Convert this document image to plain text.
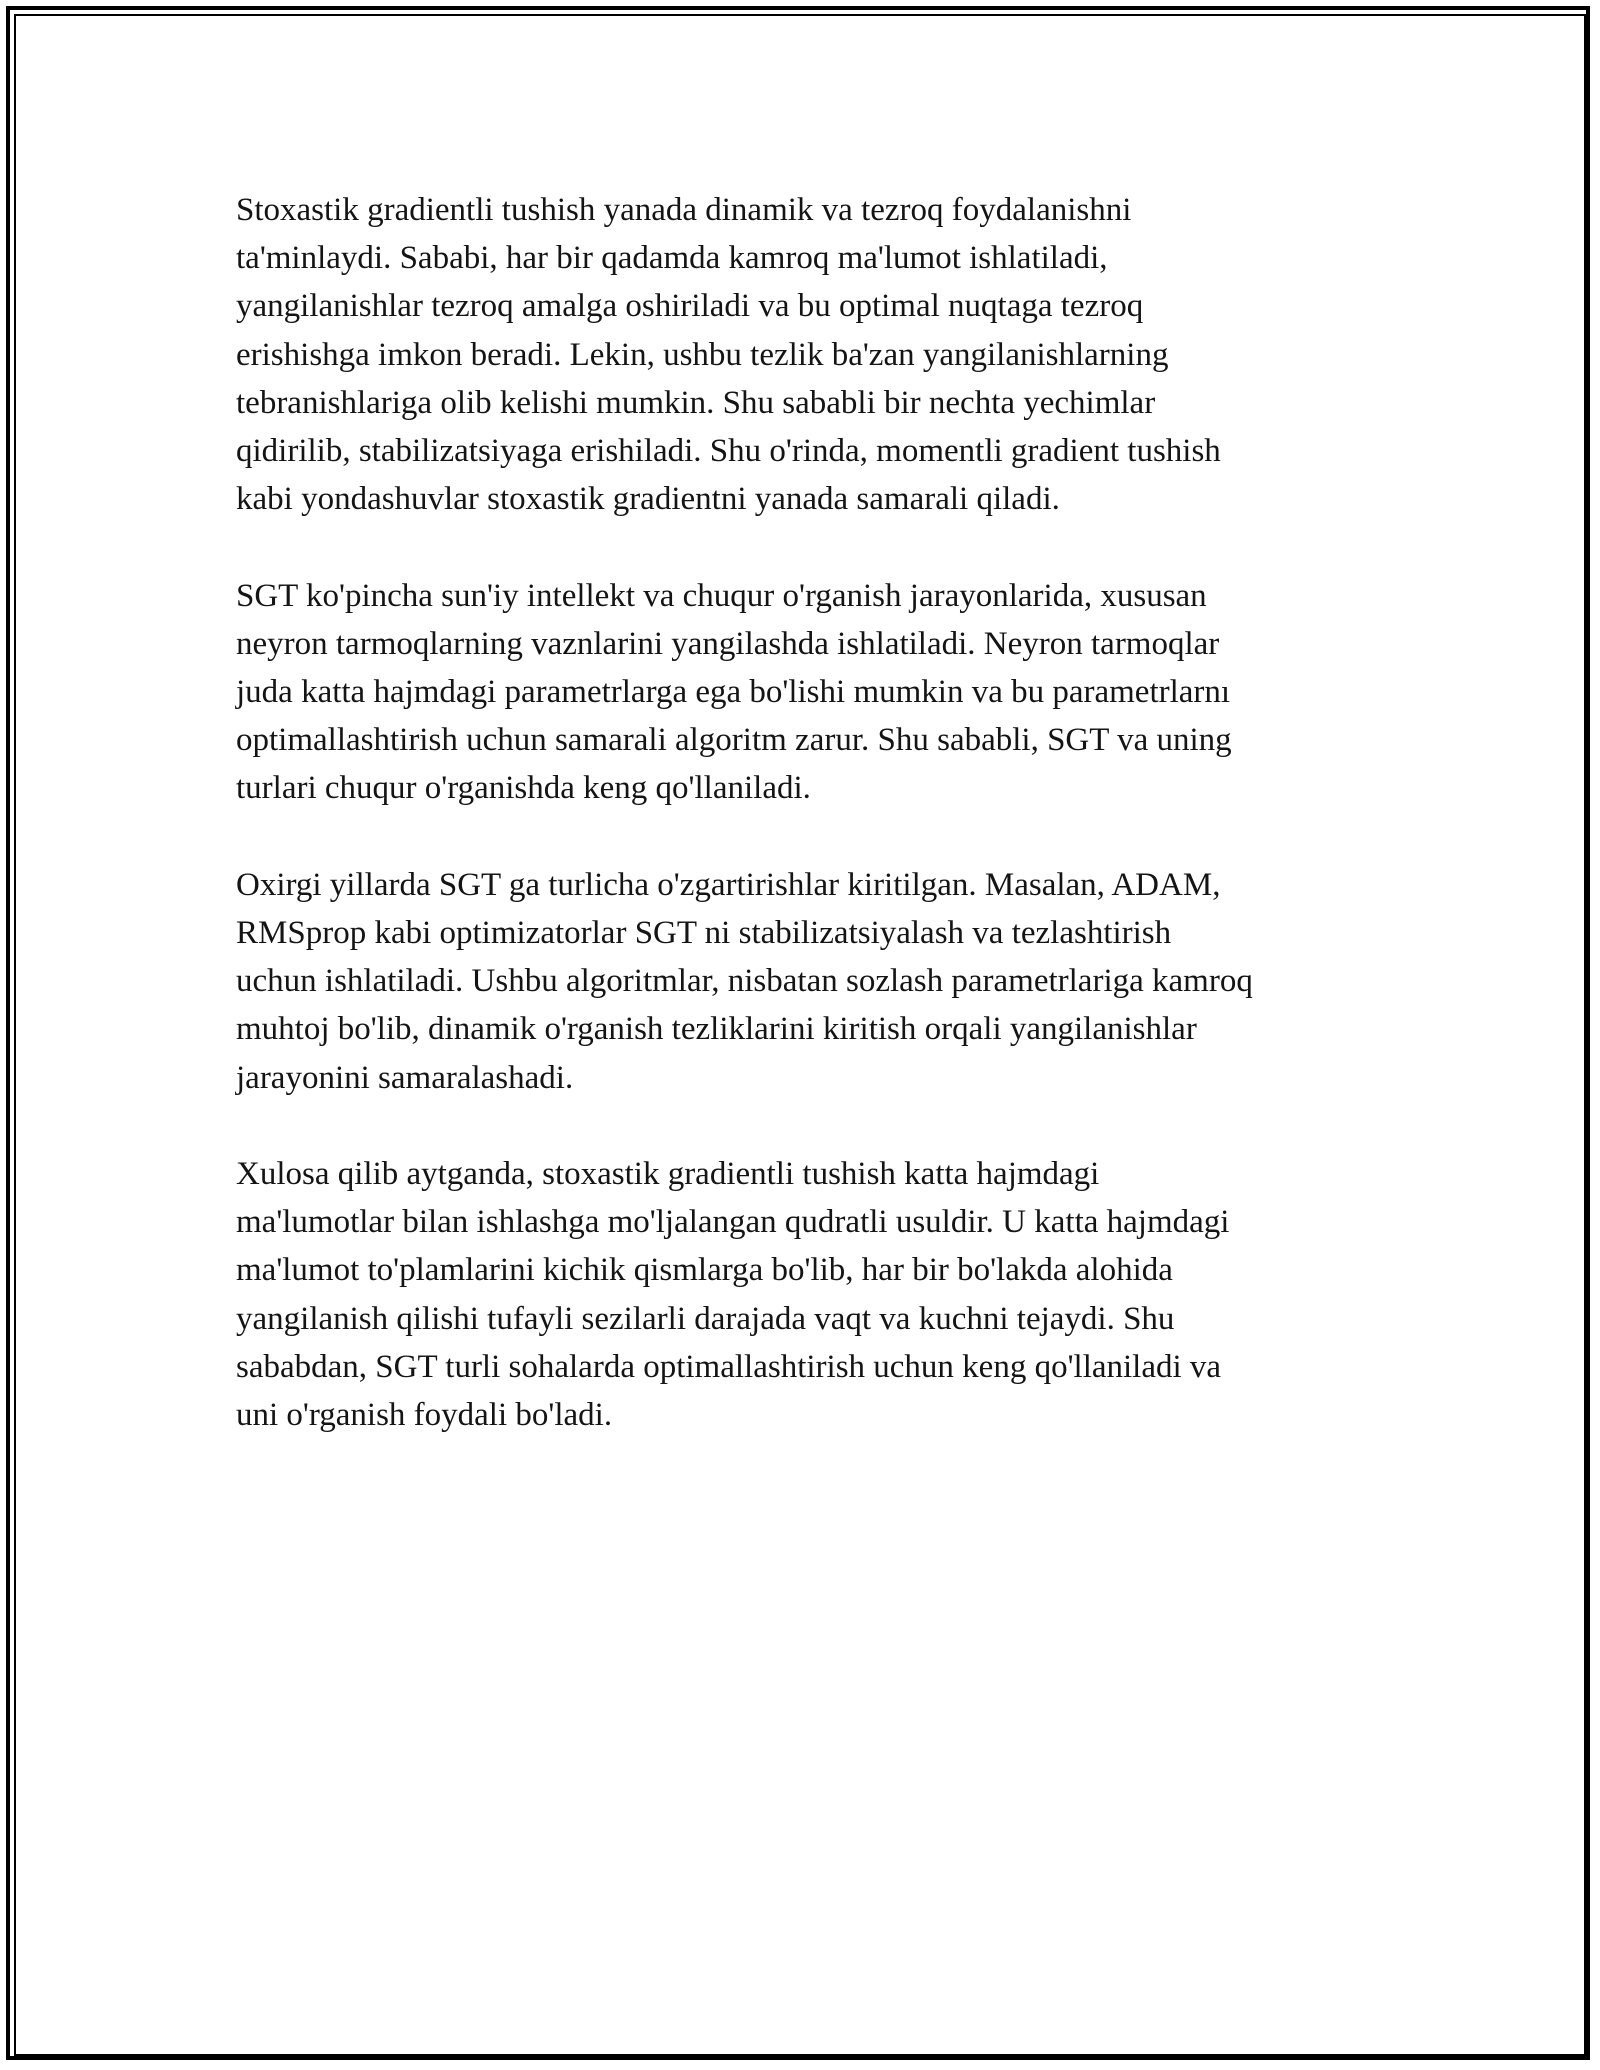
Stoxastik gradientli tushish yanada dinamik va tezroq foydalanishni
ta'minlaydi. Sababi, har bir qadamda kamroq ma'lumot ishlatiladi,
yangilanishlar tezroq amalga oshiriladi va bu optimal nuqtaga tezroq
erishishga imkon beradi. Lekin, ushbu tezlik ba'zan yangilanishlarning
tebranishlariga olib kelishi mumkin. Shu sababli bir nechta yechimlar
qidirilib, stabilizatsiyaga erishiladi. Shu o'rinda, momentli gradient tushish
kabi yondashuvlar stoxastik gradientni yanada samarali qiladi.

SGT ko'pincha sun'iy intellekt va chuqur o'rganish jarayonlarida, xususan
neyron tarmoqlarning vaznlarini yangilashda ishlatiladi. Neyron tarmoqlar
juda katta hajmdagi parametrlarga ega bo'lishi mumkin va bu parametrlarnı
optimallashtirish uchun samarali algoritm zarur. Shu sababli, SGT va uning
turlari chuqur o'rganishda keng qo'llaniladi.

Oxirgi yillarda SGT ga turlicha o'zgartirishlar kiritilgan. Masalan, ADAM,
RMSprop kabi optimizatorlar SGT ni stabilizatsiyalash va tezlashtirish
uchun ishlatiladi. Ushbu algoritmlar, nisbatan sozlash parametrlariga kamroq
muhtoj bo'lib, dinamik o'rganish tezliklarini kiritish orqali yangilanishlar
jarayonini samaralashadi.

Xulosa qilib aytganda, stoxastik gradientli tushish katta hajmdagi
ma'lumotlar bilan ishlashga mo'ljalangan qudratli usuldir. U katta hajmdagi
ma'lumot to'plamlarini kichik qismlarga bo'lib, har bir bo'lakda alohida
yangilanish qilishi tufayli sezilarli darajada vaqt va kuchni tejaydi. Shu
sababdan, SGT turli sohalarda optimallashtirish uchun keng qo'llaniladi va
uni o'rganish foydali bo'ladi.
